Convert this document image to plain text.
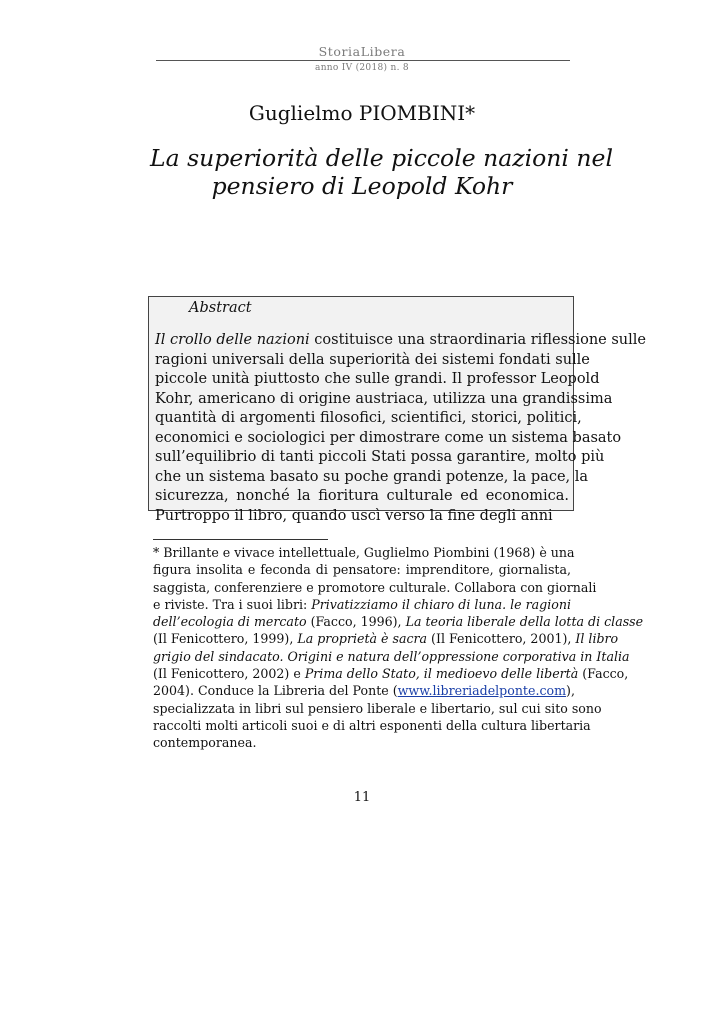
StoriaLibera
anno IV (2018) n. 8
Guglielmo PIOMBINI*
La superiorità delle piccole nazioni nel
pensiero di Leopold Kohr
Abstract
Il crollo delle nazioni costituisce una straordinaria riflessione sulle
ragioni universali della superiorità dei sistemi fondati sulle
piccole unità piuttosto che sulle grandi. Il professor Leopold
Kohr, americano di origine austriaca, utilizza una grandissima
quantità di argomenti filosofici, scientifici, storici, politici,
economici e sociologici per dimostrare come un sistema basato
sull’equilibrio di tanti piccoli Stati possa garantire, molto più
che un sistema basato su poche grandi potenze, la pace, la
sicurezza, nonché la fioritura culturale ed economica.
Purtroppo il libro, quando uscì verso la fine degli anni
* Brillante e vivace intellettuale, Guglielmo Piombini (1968) è una
figura insolita e feconda di pensatore: imprenditore, giornalista,
saggista, conferenziere e promotore culturale. Collabora con giornali
e riviste. Tra i suoi libri: Privatizziamo il chiaro di luna. le ragioni
dell’ecologia di mercato (Facco, 1996), La teoria liberale della lotta di classe
(Il Fenicottero, 1999), La proprietà è sacra (Il Fenicottero, 2001), Il libro
grigio del sindacato. Origini e natura dell’oppressione corporativa in Italia
(Il Fenicottero, 2002) e Prima dello Stato, il medioevo delle libertà (Facco,
2004). Conduce la Libreria del Ponte (www.libreriadelponte.com),
specializzata in libri sul pensiero liberale e libertario, sul cui sito sono
raccolti molti articoli suoi e di altri esponenti della cultura libertaria
contemporanea.
11
